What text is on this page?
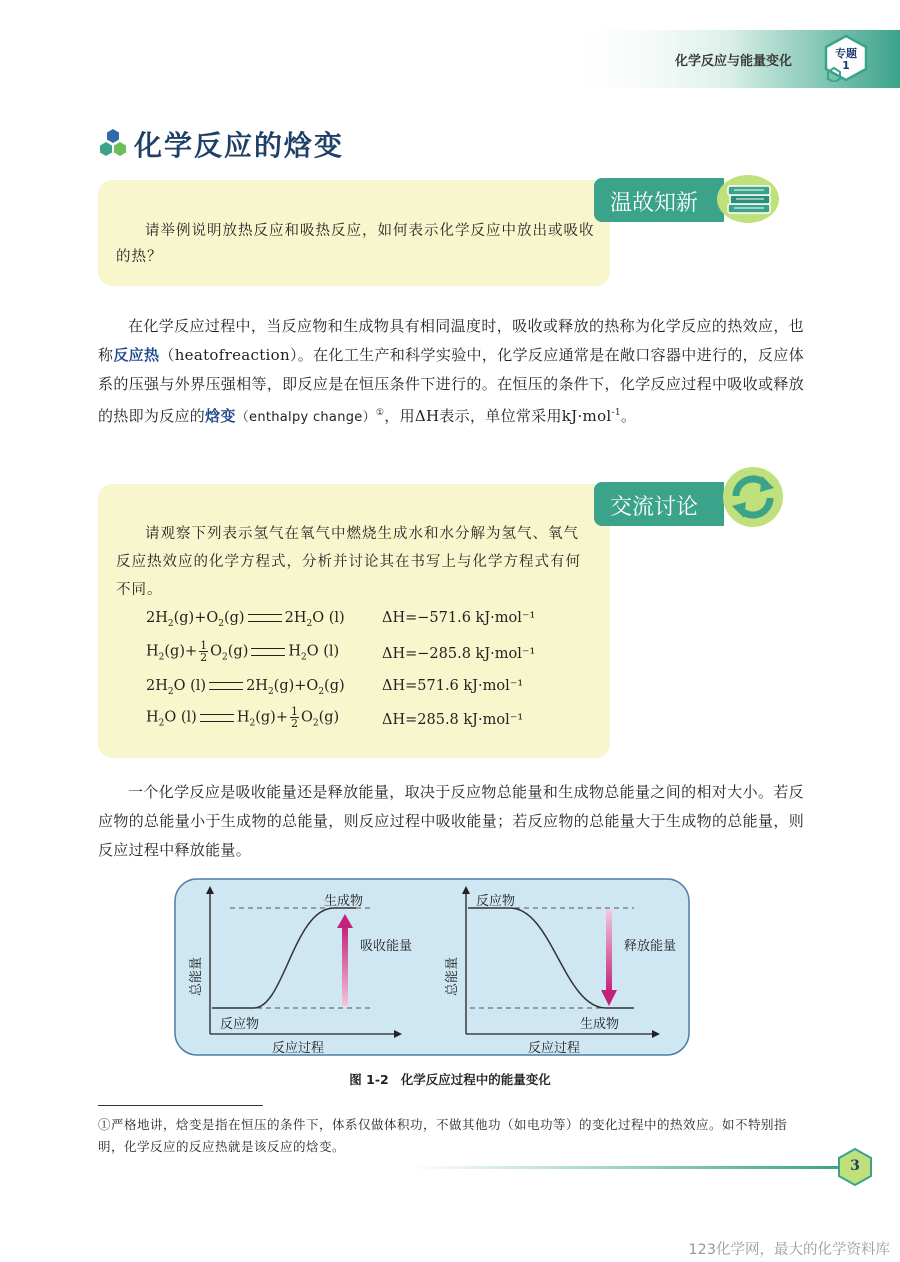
化学反应与能量变化
专题
1
化学反应的焓变
温故知新

请举例说明放热反应和吸热反应，如何表示化学反应中放出或吸收的热？

在化学反应过程中，当反应物和生成物具有相同温度时，吸收或释放的热称为化学反应的热效应，也称反应热（heatofreaction）。在化工生产和科学实验中，化学反应通常是在敞口容器中进行的，反应体系的压强与外界压强相等，即反应是在恒压条件下进行的。在恒压的条件下，化学反应过程中吸收或释放的热即为反应的焓变（enthalpy change）①，用ΔH表示，单位常采用kJ·mol$^{-1}$。

交流讨论

请观察下列表示氢气在氧气中燃烧生成水和水分解为氢气、氧气反应热效应的化学方程式，分析并讨论其在书写上与化学方程式有何不同。

$2H_2(g)+O_2(g)$	$2H_2O$ (l)	ΔH=−571.6 kJ·mol⁻¹
$H_2(g)+ \frac{1}{2} O_2(g)$	$H_2O$ (l)	ΔH=−285.8 kJ·mol⁻¹
$2H_2O$ (l)	$2H_2(g)+O_2(g)$	ΔH=571.6 kJ·mol⁻¹
$H_2O$ (l)	$H_2(g)+ \frac{1}{2} O_2(g)$	ΔH=285.8 kJ·mol⁻¹

一个化学反应是吸收能量还是释放能量，取决于反应物总能量和生成物总能量之间的相对大小。若反应物的总能量小于生成物的总能量，则反应过程中吸收能量；若反应物的总能量大于生成物的总能量，则反应过程中释放能量。

总能量
反应过程
反应物
生成物
吸收能量
总能量
反应过程
反应物
生成物
释放能量
图 1-2 化学反应过程中的能量变化

①严格地讲，焓变是指在恒压的条件下，体系仅做体积功，不做其他功（如电功等）的变化过程中的热效应。如不特别指明，化学反应的反应热就是该反应的焓变。

3
123化学网，最大的化学资料库
